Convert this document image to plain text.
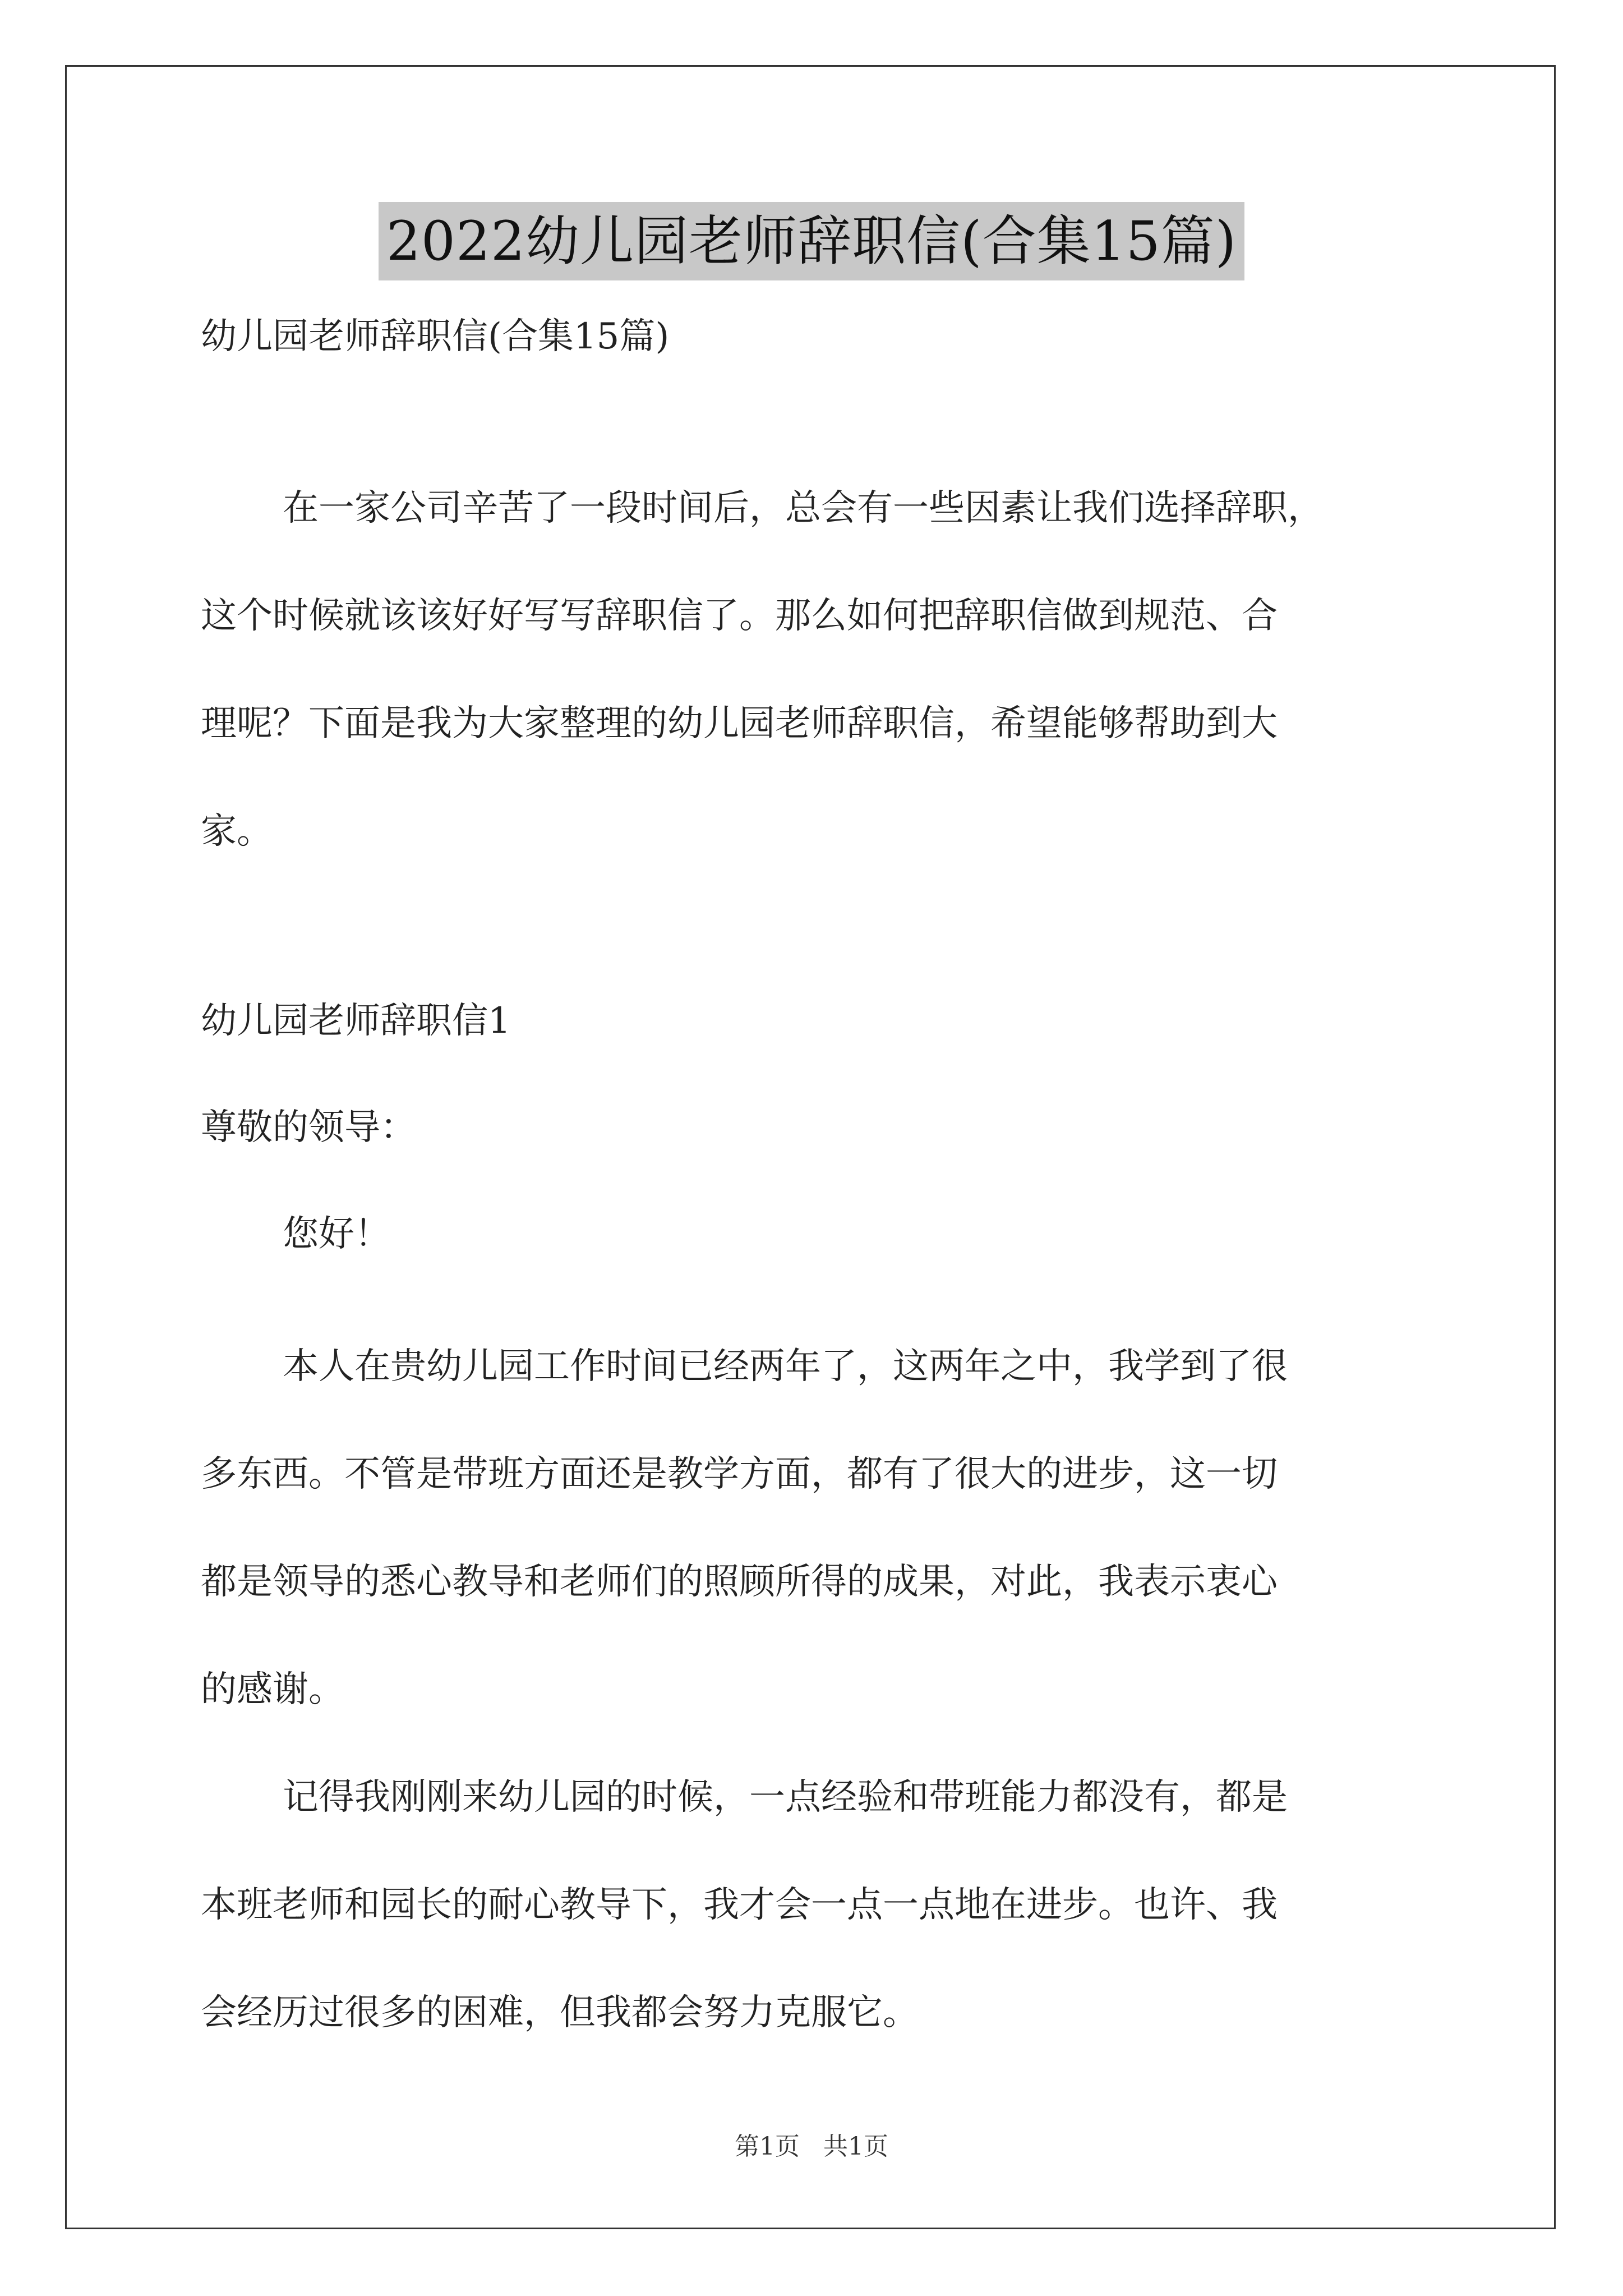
2022幼儿园老师辞职信(合集15篇)
幼儿园老师辞职信(合集15篇)
在一家公司辛苦了一段时间后，总会有一些因素让我们选择辞职，
这个时候就该该好好写写辞职信了。那么如何把辞职信做到规范、合
理呢？下面是我为大家整理的幼儿园老师辞职信，希望能够帮助到大
家。
幼儿园老师辞职信1
尊敬的领导：
您好！
本人在贵幼儿园工作时间已经两年了，这两年之中，我学到了很
多东西。不管是带班方面还是教学方面，都有了很大的进步，这一切
都是领导的悉心教导和老师们的照顾所得的成果，对此，我表示衷心
的感谢。
记得我刚刚来幼儿园的时候，一点经验和带班能力都没有，都是
本班老师和园长的耐心教导下，我才会一点一点地在进步。也许、我
会经历过很多的困难，但我都会努力克服它。
第1页   共1页
